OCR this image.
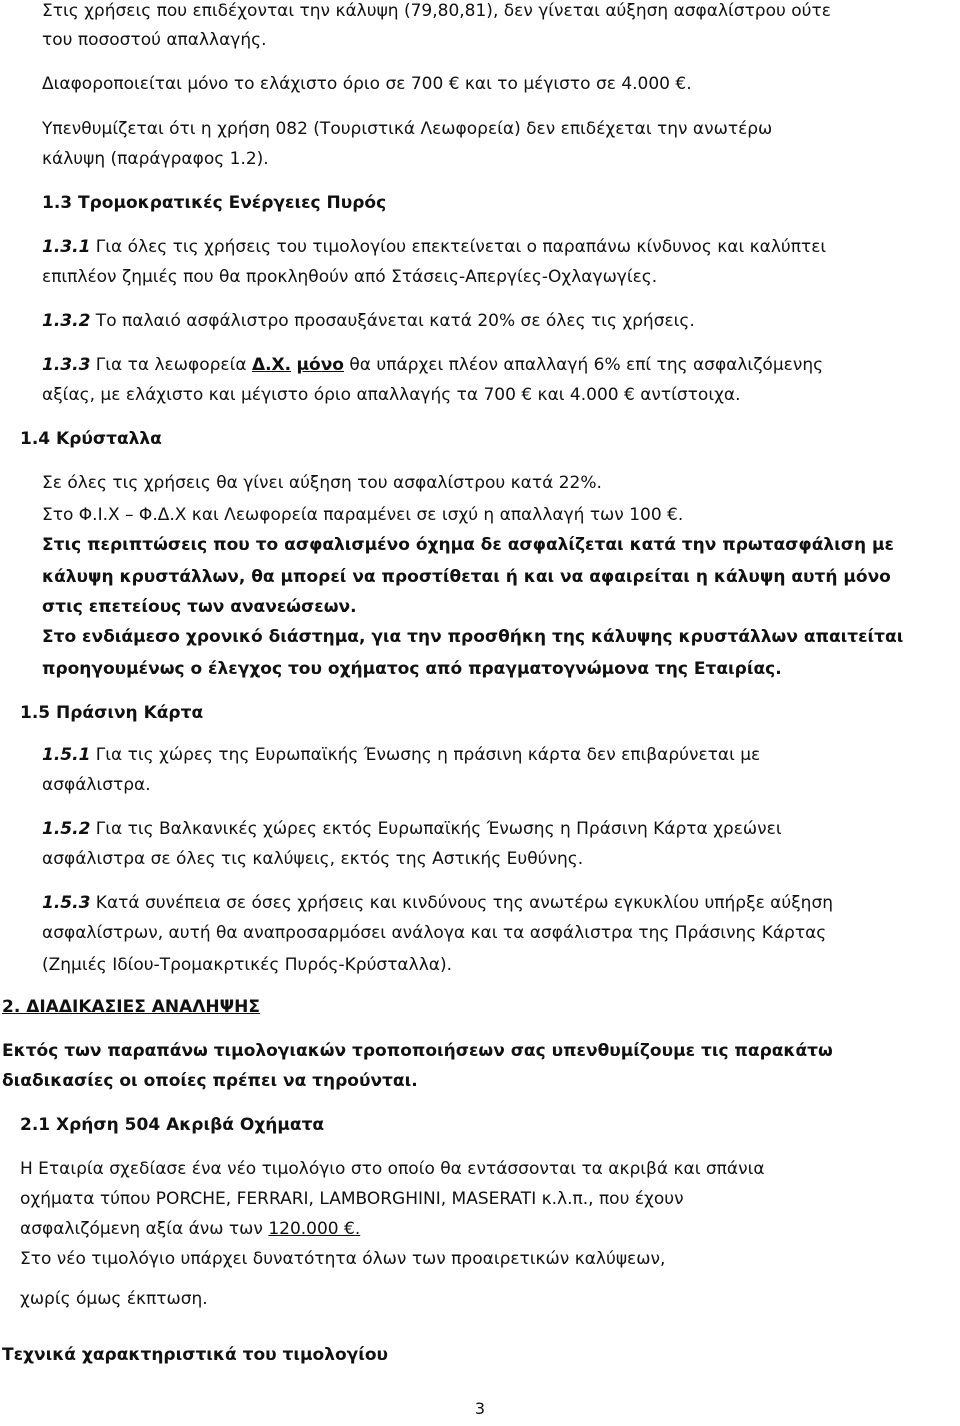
Στις χρήσεις που επιδέχονται την κάλυψη (79,80,81), δεν γίνεται αύξηση ασφαλίστρου ούτε

του ποσοστού απαλλαγής.

Διαφοροποιείται μόνο το ελάχιστο όριο σε 700 € και το μέγιστο σε 4.000 €.

Υπενθυμίζεται ότι η χρήση 082 (Τουριστικά Λεωφορεία) δεν επιδέχεται την ανωτέρω

κάλυψη (παράγραφος 1.2).

1.3 Τρομοκρατικές Ενέργειες Πυρός

1.3.1 Για όλες τις χρήσεις του τιμολογίου επεκτείνεται ο παραπάνω κίνδυνος και καλύπτει

επιπλέον ζημιές που θα προκληθούν από Στάσεις-Απεργίες-Οχλαγωγίες.

1.3.2 Το παλαιό ασφάλιστρο προσαυξάνεται κατά 20% σε όλες τις χρήσεις.

1.3.3 Για τα λεωφορεία Δ.Χ. μόνο θα υπάρχει πλέον απαλλαγή 6% επί της ασφαλιζόμενης

αξίας, με ελάχιστο και μέγιστο όριο απαλλαγής τα 700 € και 4.000 € αντίστοιχα.

1.4 Κρύσταλλα

Σε όλες τις χρήσεις θα γίνει αύξηση του ασφαλίστρου κατά 22%.

Στο Φ.Ι.Χ – Φ.Δ.Χ και Λεωφορεία παραμένει σε ισχύ η απαλλαγή των 100 €.

Στις περιπτώσεις που το ασφαλισμένο όχημα δε ασφαλίζεται κατά την πρωτασφάλιση με

κάλυψη κρυστάλλων, θα μπορεί να προστίθεται ή και να αφαιρείται η κάλυψη αυτή μόνο

στις επετείους των ανανεώσεων.

Στο ενδιάμεσο χρονικό διάστημα, για την προσθήκη της κάλυψης κρυστάλλων απαιτείται

προηγουμένως ο έλεγχος του οχήματος από πραγματογνώμονα της Εταιρίας.

1.5 Πράσινη Κάρτα

1.5.1 Για τις χώρες της Ευρωπαϊκής Ένωσης η πράσινη κάρτα δεν επιβαρύνεται με

ασφάλιστρα.

1.5.2 Για τις Βαλκανικές χώρες εκτός Ευρωπαϊκής Ένωσης η Πράσινη Κάρτα χρεώνει

ασφάλιστρα σε όλες τις καλύψεις, εκτός της Αστικής Ευθύνης.

1.5.3 Κατά συνέπεια σε όσες χρήσεις και κινδύνους της ανωτέρω εγκυκλίου υπήρξε αύξηση

ασφαλίστρων, αυτή θα αναπροσαρμόσει ανάλογα και τα ασφάλιστρα της Πράσινης Κάρτας

(Ζημιές Ιδίου-Τρομακρτικές Πυρός-Κρύσταλλα).

2. ΔΙΑΔΙΚΑΣΙΕΣ ΑΝΑΛΗΨΗΣ

Εκτός των παραπάνω τιμολογιακών τροποποιήσεων σας υπενθυμίζουμε τις παρακάτω

διαδικασίες οι οποίες πρέπει να τηρούνται.

2.1 Χρήση 504 Ακριβά Οχήματα

Η Εταιρία σχεδίασε ένα νέο τιμολόγιο στο οποίο θα εντάσσονται τα ακριβά και σπάνια

οχήματα τύπου PORCHE, FERRARI, LAMBORGHINI, MASERATI κ.λ.π., που έχουν

ασφαλιζόμενη αξία άνω των 120.000 €.

Στο νέο τιμολόγιο υπάρχει δυνατότητα όλων των προαιρετικών καλύψεων,

χωρίς όμως έκπτωση.

Τεχνικά χαρακτηριστικά του τιμολογίου

3
